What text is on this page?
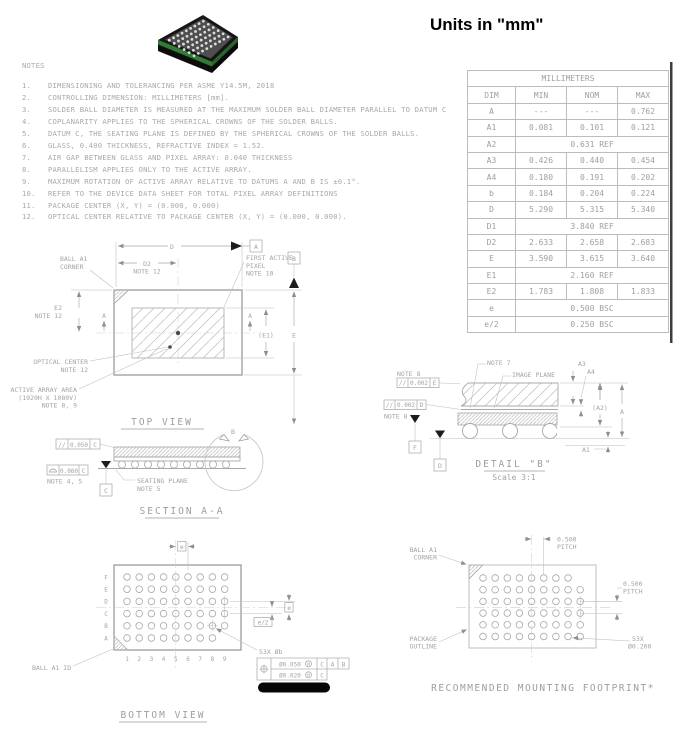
D	A
D2
NOTE 12
BALL A1
CORNER
FIRST ACTIVE
PIXEL
NOTE 10
B
E
(E1)
E2
NOTE 12	A	A
OPTICAL CENTER
NOTE 12
ACTIVE ARRAY AREA
(1920H X 1080V)
NOTE 8, 9
TOP VIEW
// 0.050 C
C
0.080 C
NOTE 4, 5	SEATING PLANE
NOTE 5
B
SECTION A-A
NOTE 8
// 0.002 E
// 0.002 D
NOTE 8
F
D
NOTE 7
IMAGE PLANE
A3
A4
(A2) A
A1
DETAIL "B"
Scale 3:1
F
E
D
C
B
A
1 2 3 4 5 6 7 8 9
e
e
e/2
53X Øb
Ø0.050 M C A B
Ø0.020 M C
BALL A1 ID
BOTTOM VIEW
0.500
PITCH
0.500
PITCH
53X
Ø0.200
BALL A1
CORNER
PACKAGE
OUTLINE
RECOMMENDED MOUNTING FOOTPRINT*
Units in "mm"
NOTES
1.	DIMENSIONING AND TOLERANCING PER ASME Y14.5M, 2018
2.	CONTROLLING DIMENSION: MILLIMETERS [mm].
3.	SOLDER BALL DIAMETER IS MEASURED AT THE MAXIMUM SOLDER BALL DIAMETER PARALLEL TO DATUM C
4.	COPLANARITY APPLIES TO THE SPHERICAL CROWNS OF THE SOLDER BALLS.
5.	DATUM C, THE SEATING PLANE IS DEFINED BY THE SPHERICAL CROWNS OF THE SOLDER BALLS.
6.	GLASS, 0.400 THICKNESS, REFRACTIVE INDEX = 1.52.
7.	AIR GAP BETWEEN GLASS AND PIXEL ARRAY: 0.040 THICKNESS
8.	PARALLELISM APPLIES ONLY TO THE ACTIVE ARRAY.
9.	MAXIMUM ROTATION OF ACTIVE ARRAY RELATIVE TO DATUMS A AND B IS ±0.1°.
10.	REFER TO THE DEVICE DATA SHEET FOR TOTAL PIXEL ARRAY DEFINITIONS
11.	PACKAGE CENTER (X, Y) = (0.000, 0.000)
12.	OPTICAL CENTER RELATIVE TO PACKAGE CENTER (X, Y) = (0.000, 0.000).
MILLIMETERS			
DIM	MIN	NOM	MAX
A	---	---	0.762
A1	0.081	0.101	0.121
A2	0.631 REF		
A3	0.426	0.440	0.454
A4	0.180	0.191	0.202
b	0.184	0.204	0.224
D	5.290	5.315	5.340
D1	3.840 REF		
D2	2.633	2.658	2.683
E	3.590	3.615	3.640
E1	2.160 REF		
E2	1.783	1.808	1.833
e	0.500 BSC		
e/2	0.250 BSC		
